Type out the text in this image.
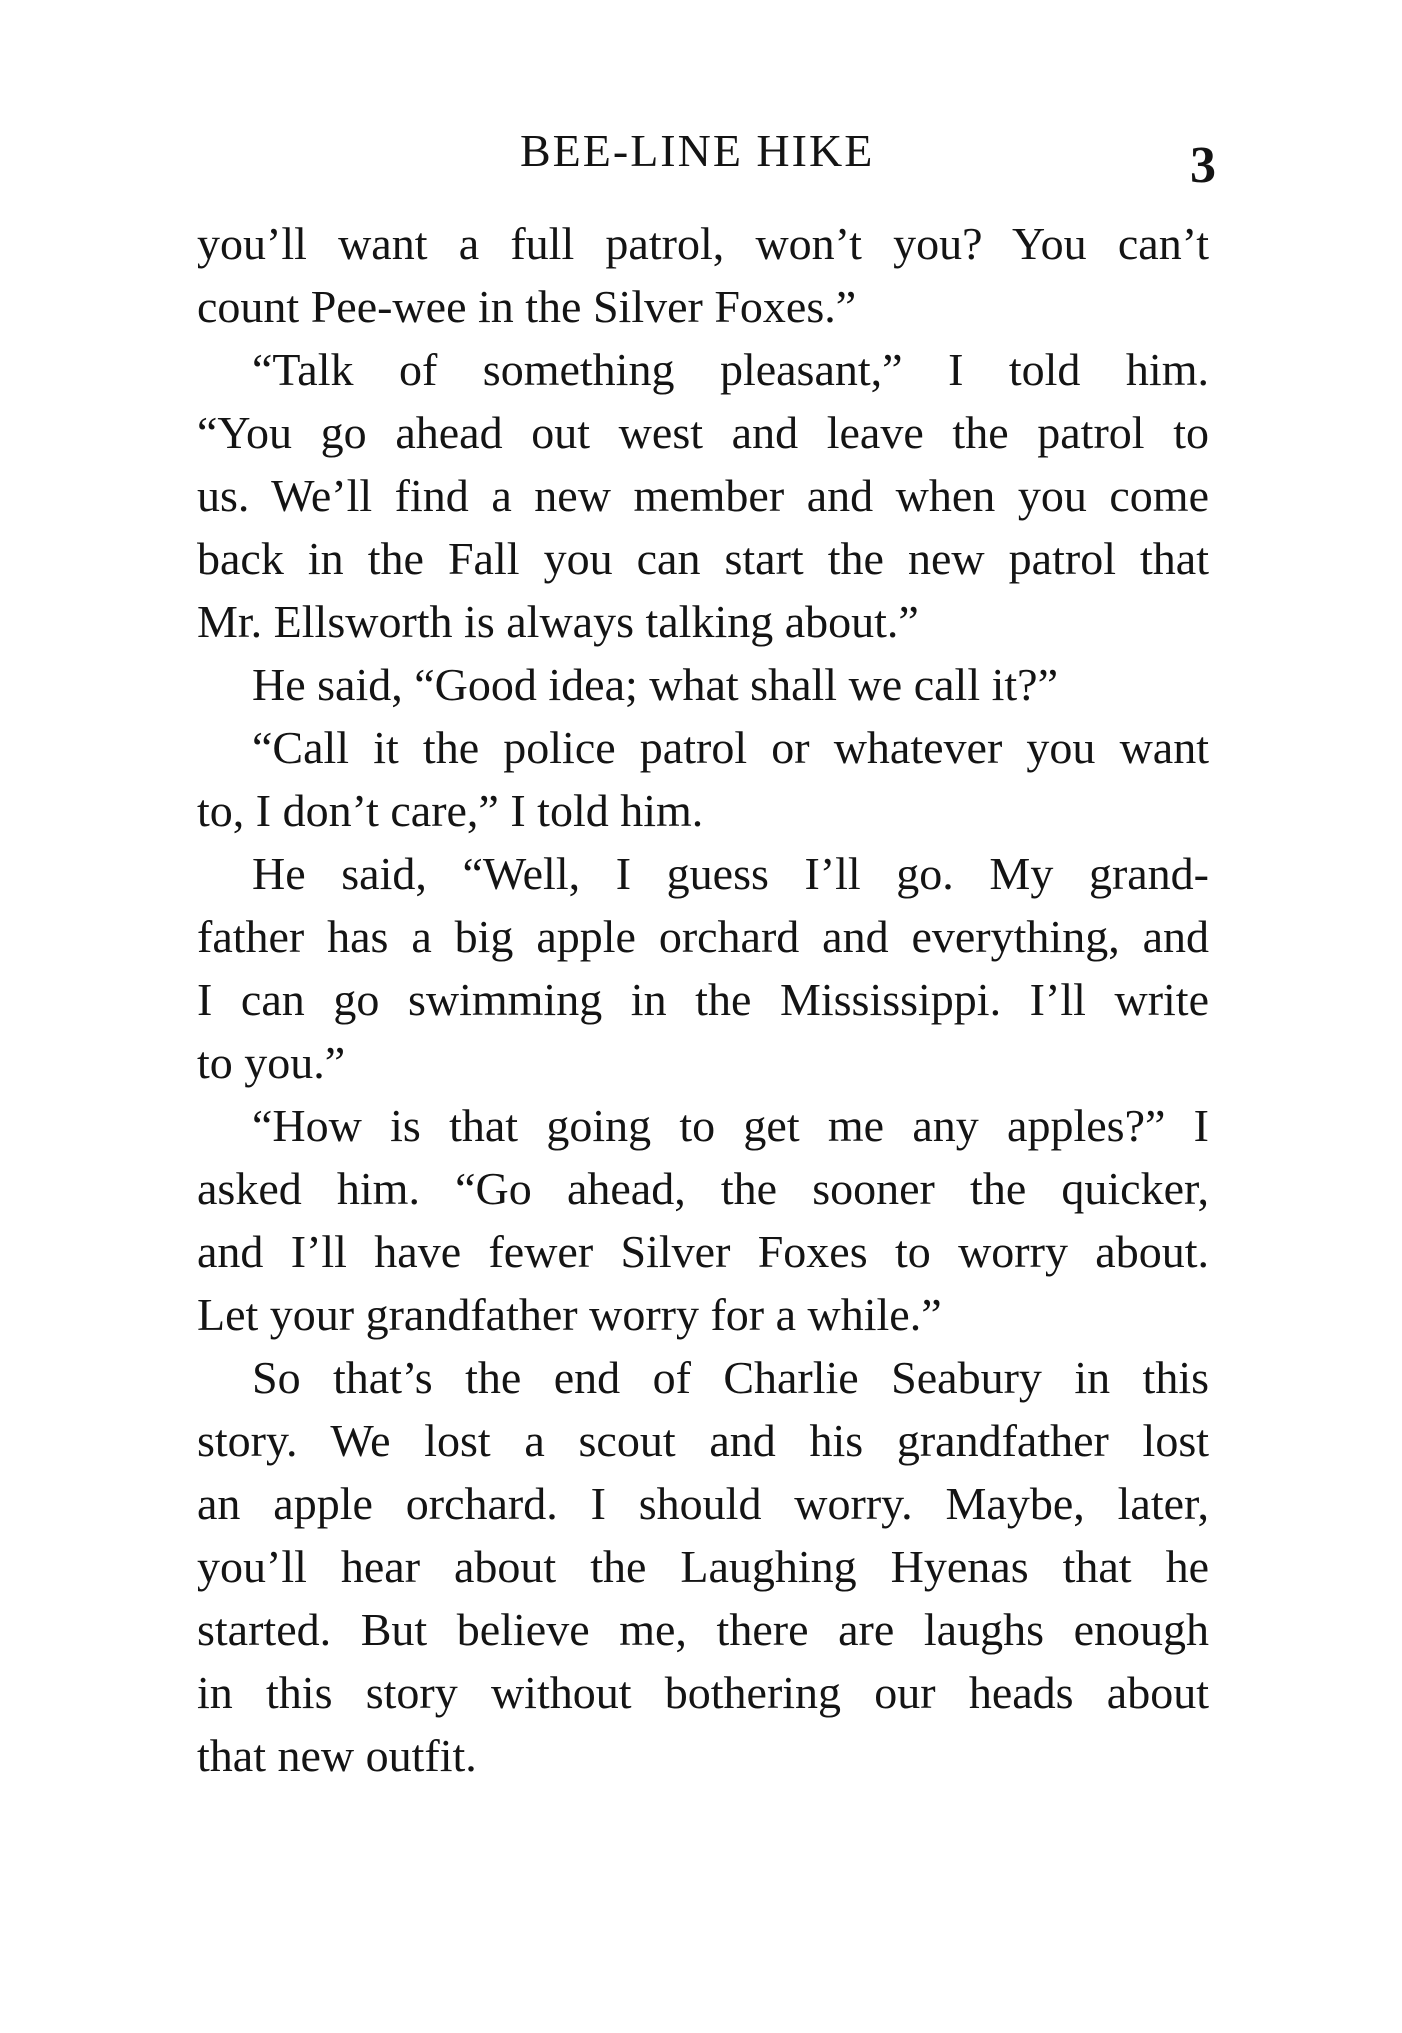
BEE-LINE HIKE	3
you’ll want a full patrol, won’t you? You can’t
count Pee-wee in the Silver Foxes.”
“Talk of something pleasant,” I told him.
“You go ahead out west and leave the patrol to
us. We’ll find a new member and when you come
back in the Fall you can start the new patrol that
Mr. Ellsworth is always talking about.”
He said, “Good idea; what shall we call it?”
“Call it the police patrol or whatever you want
to, I don’t care,” I told him.
He said, “Well, I guess I’ll go. My grand-
father has a big apple orchard and everything, and
I can go swimming in the Mississippi. I’ll write
to you.”
“How is that going to get me any apples?” I
asked him. “Go ahead, the sooner the quicker,
and I’ll have fewer Silver Foxes to worry about.
Let your grandfather worry for a while.”
So that’s the end of Charlie Seabury in this
story. We lost a scout and his grandfather lost
an apple orchard. I should worry. Maybe, later,
you’ll hear about the Laughing Hyenas that he
started. But believe me, there are laughs enough
in this story without bothering our heads about
that new outfit.
